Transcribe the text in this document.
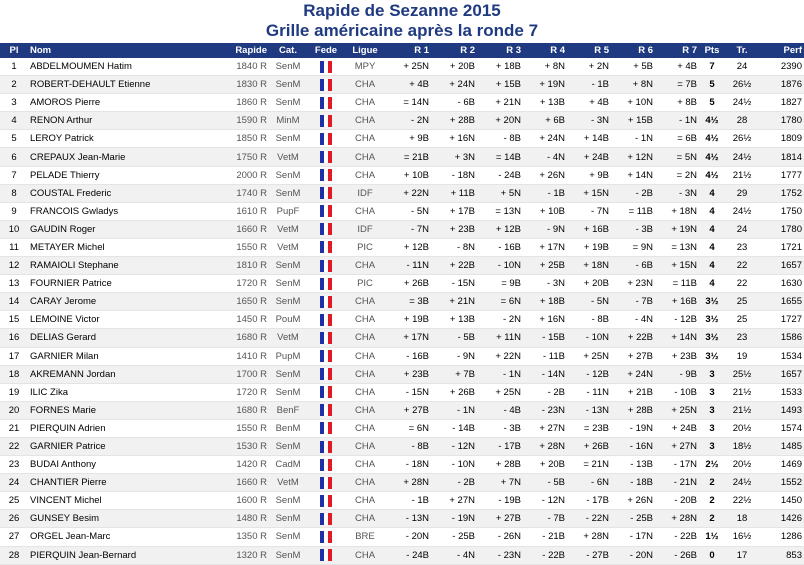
Rapide de Sezanne 2015
Grille américaine après la ronde 7
Pl	Nom	Rapide	Cat.	Fede	Ligue	R 1	R 2	R 3	R 4	R 5	R 6	R 7	Pts	Tr.	Perf
1	ABDELMOUMEN Hatim	1840 R	SenM		MPY	+ 25N	+ 20B	+ 18B	+ 8N	+ 2N	+ 5B	+ 4B	7	24	2390
2	ROBERT-DEHAULT Etienne	1830 R	SenM		CHA	+ 4B	+ 24N	+ 15B	+ 19N	- 1B	+ 8N	= 7B	5	26½	1876
3	AMOROS Pierre	1860 R	SenM		CHA	= 14N	- 6B	+ 21N	+ 13B	+ 4B	+ 10N	+ 8B	5	24½	1827
4	RENON Arthur	1590 R	MinM		CHA	- 2N	+ 28B	+ 20N	+ 6B	- 3N	+ 15B	- 1N	4½	28	1780
5	LEROY Patrick	1850 R	SenM		CHA	+ 9B	+ 16N	- 8B	+ 24N	+ 14B	- 1N	= 6B	4½	26½	1809
6	CREPAUX Jean-Marie	1750 R	VetM		CHA	= 21B	+ 3N	= 14B	- 4N	+ 24B	+ 12N	= 5N	4½	24½	1814
7	PELADE Thierry	2000 R	SenM		CHA	+ 10B	- 18N	- 24B	+ 26N	+ 9B	+ 14N	= 2N	4½	21½	1777
8	COUSTAL Frederic	1740 R	SenM		IDF	+ 22N	+ 11B	+ 5N	- 1B	+ 15N	- 2B	- 3N	4	29	1752
9	FRANCOIS Gwladys	1610 R	PupF		CHA	- 5N	+ 17B	= 13N	+ 10B	- 7N	= 11B	+ 18N	4	24½	1750
10	GAUDIN Roger	1660 R	VetM		IDF	- 7N	+ 23B	+ 12B	- 9N	+ 16B	- 3B	+ 19N	4	24	1780
11	METAYER Michel	1550 R	VetM		PIC	+ 12B	- 8N	- 16B	+ 17N	+ 19B	= 9N	= 13N	4	23	1721
12	RAMAIOLI Stephane	1810 R	SenM		CHA	- 11N	+ 22B	- 10N	+ 25B	+ 18N	- 6B	+ 15N	4	22	1657
13	FOURNIER Patrice	1720 R	SenM		PIC	+ 26B	- 15N	= 9B	- 3N	+ 20B	+ 23N	= 11B	4	22	1630
14	CARAY Jerome	1650 R	SenM		CHA	= 3B	+ 21N	= 6N	+ 18B	- 5N	- 7B	+ 16B	3½	25	1655
15	LEMOINE Victor	1450 R	PouM		CHA	+ 19B	+ 13B	- 2N	+ 16N	- 8B	- 4N	- 12B	3½	25	1727
16	DELIAS Gerard	1680 R	VetM		CHA	+ 17N	- 5B	+ 11N	- 15B	- 10N	+ 22B	+ 14N	3½	23	1586
17	GARNIER Milan	1410 R	PupM		CHA	- 16B	- 9N	+ 22N	- 11B	+ 25N	+ 27B	+ 23B	3½	19	1534
18	AKREMANN Jordan	1700 R	SenM		CHA	+ 23B	+ 7B	- 1N	- 14N	- 12B	+ 24N	- 9B	3	25½	1657
19	ILIC Zika	1720 R	SenM		CHA	- 15N	+ 26B	+ 25N	- 2B	- 11N	+ 21B	- 10B	3	21½	1533
20	FORNES Marie	1680 R	BenF		CHA	+ 27B	- 1N	- 4B	- 23N	- 13N	+ 28B	+ 25N	3	21½	1493
21	PIERQUIN Adrien	1550 R	BenM		CHA	= 6N	- 14B	- 3B	+ 27N	= 23B	- 19N	+ 24B	3	20½	1574
22	GARNIER Patrice	1530 R	SenM		CHA	- 8B	- 12N	- 17B	+ 28N	+ 26B	- 16N	+ 27N	3	18½	1485
23	BUDAI Anthony	1420 R	CadM		CHA	- 18N	- 10N	+ 28B	+ 20B	= 21N	- 13B	- 17N	2½	20½	1469
24	CHANTIER Pierre	1660 R	VetM		CHA	+ 28N	- 2B	+ 7N	- 5B	- 6N	- 18B	- 21N	2	24½	1552
25	VINCENT Michel	1600 R	SenM		CHA	- 1B	+ 27N	- 19B	- 12N	- 17B	+ 26N	- 20B	2	22½	1450
26	GUNSEY Besim	1480 R	SenM		CHA	- 13N	- 19N	+ 27B	- 7B	- 22N	- 25B	+ 28N	2	18	1426
27	ORGEL Jean-Marc	1350 R	SenM		BRE	- 20N	- 25B	- 26N	- 21B	+ 28N	- 17N	- 22B	1½	16½	1286
28	PIERQUIN Jean-Bernard	1320 R	SenM		CHA	- 24B	- 4N	- 23N	- 22B	- 27B	- 20N	- 26B	0	17	853
